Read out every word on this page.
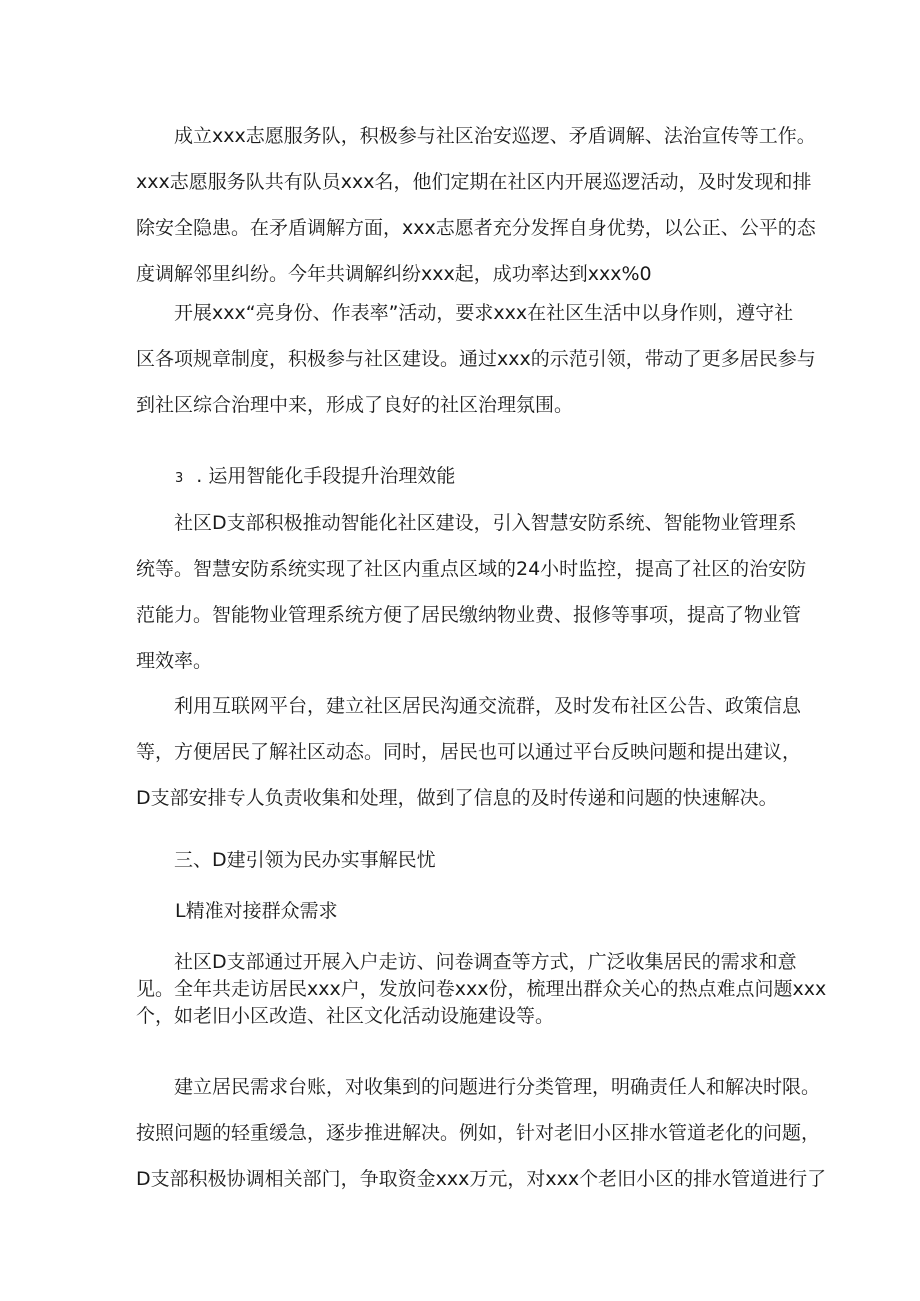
成立xxx志愿服务队，积极参与社区治安巡逻、矛盾调解、法治宣传等工作。
xxx志愿服务队共有队员xxx名，他们定期在社区内开展巡逻活动，及时发现和排
除安全隐患。在矛盾调解方面，xxx志愿者充分发挥自身优势，以公正、公平的态
度调解邻里纠纷。今年共调解纠纷xxx起，成功率达到xxx%0
开展xxx“亮身份、作表率”活动，要求xxx在社区生活中以身作则，遵守社
区各项规章制度，积极参与社区建设。通过xxx的示范引领，带动了更多居民参与
到社区综合治理中来，形成了良好的社区治理氛围。
3 . 运用智能化手段提升治理效能
社区D支部积极推动智能化社区建设，引入智慧安防系统、智能物业管理系
统等。智慧安防系统实现了社区内重点区域的24小时监控，提高了社区的治安防
范能力。智能物业管理系统方便了居民缴纳物业费、报修等事项，提高了物业管
理效率。
利用互联网平台，建立社区居民沟通交流群，及时发布社区公告、政策信息
等，方便居民了解社区动态。同时，居民也可以通过平台反映问题和提出建议，
D支部安排专人负责收集和处理，做到了信息的及时传递和问题的快速解决。
三、D建引领为民办实事解民忧
L精准对接群众需求
社区D支部通过开展入户走访、问卷调查等方式，广泛收集居民的需求和意
见。全年共走访居民xxx户，发放问卷xxx份，梳理出群众关心的热点难点问题xxx
个，如老旧小区改造、社区文化活动设施建设等。
建立居民需求台账，对收集到的问题进行分类管理，明确责任人和解决时限。
按照问题的轻重缓急，逐步推进解决。例如，针对老旧小区排水管道老化的问题，
D支部积极协调相关部门，争取资金xxx万元，对xxx个老旧小区的排水管道进行了
